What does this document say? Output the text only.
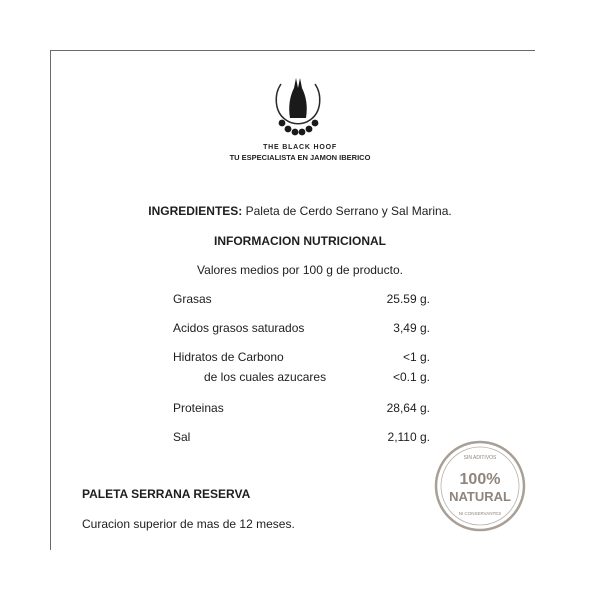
THE BLACK HOOF
TU ESPECIALISTA EN JAMON IBERICO
INGREDIENTES: Paleta de Cerdo Serrano y Sal Marina.
INFORMACION NUTRICIONAL
Valores medios por 100 g de producto.
Grasas	25.59 g.
Acidos grasos saturados	3,49 g.
Hidratos de Carbono	<1 g.
de los cuales azucares	<0.1 g.
Proteinas	28,64 g.
Sal	2,110 g.
PALETA SERRANA RESERVA
Curacion superior de mas de 12 meses.
SIN ADITIVOS
100%
NATURAL
NI CONSERVANTES
